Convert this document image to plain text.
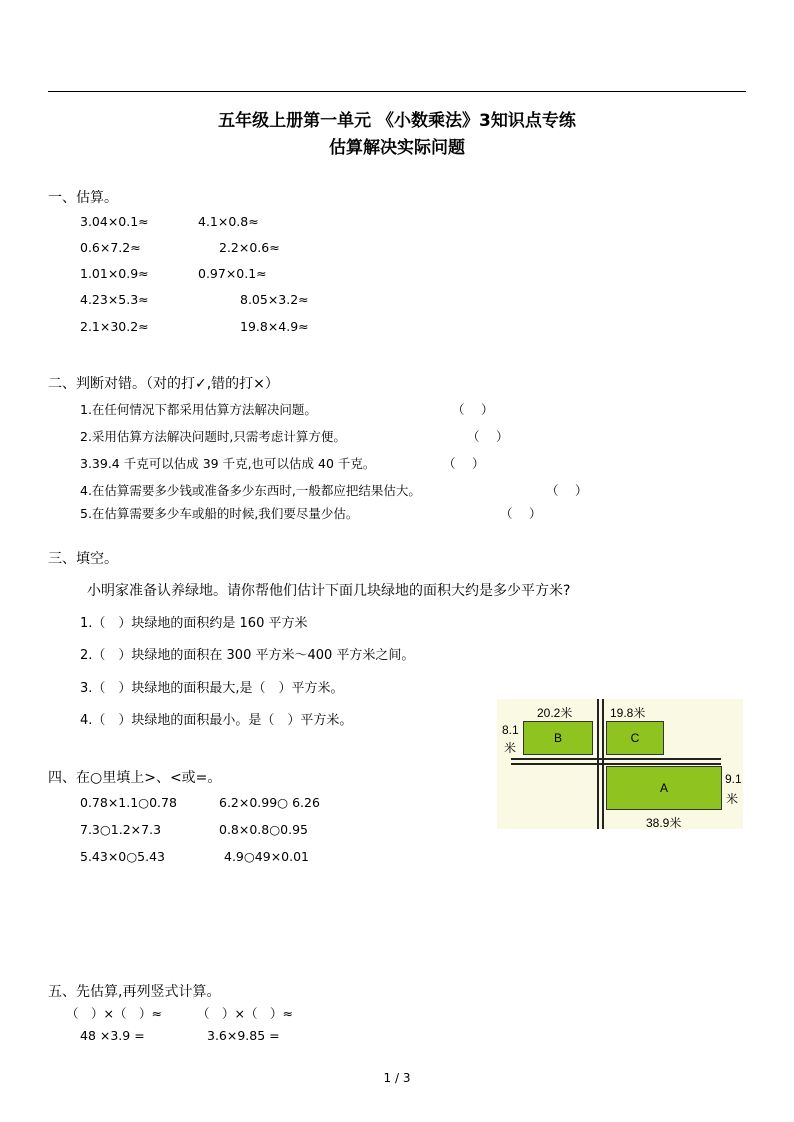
五年级上册第一单元 《小数乘法》3知识点专练
估算解决实际问题
一、估算。
3.04×0.1≈	4.1×0.8≈
0.6×7.2≈	2.2×0.6≈
1.01×0.9≈	0.97×0.1≈
4.23×5.3≈	8.05×3.2≈
2.1×30.2≈	19.8×4.9≈
二、判断对错。（对的打✓,错的打×）
1.在任何情况下都采用估算方法解决问题。	（　 ）
2.采用估算方法解决问题时,只需考虑计算方便。	（　 ）
3.39.4 千克可以估成 39 千克,也可以估成 40 千克。	（　 ）
4.在估算需要多少钱或准备多少东西时,一般都应把结果估大。	（　 ）
5.在估算需要多少车或船的时候,我们要尽量少估。	（　 ）
三、填空。
小明家准备认养绿地。请你帮他们估计下面几块绿地的面积大约是多少平方米?
1.（　）块绿地的面积约是 160 平方米
2.（　）块绿地的面积在 300 平方米～400 平方米之间。
3.（　）块绿地的面积最大,是（　）平方米。
4.（　）块绿地的面积最小。是（　）平方米。	20.2米	19.8米
B	C
A
8.1
米
9.1
米
38.9米
四、在○里填上>、<或=。
0.78×1.1○0.78	6.2×0.99○ 6.26
7.3○1.2×7.3	0.8×0.8○0.95
5.43×0○5.43	4.9○49×0.01
五、先估算,再列竖式计算。
（　）×（　）≈	（　）×（　）≈
48 ×3.9 =	3.6×9.85 =
1 / 3
